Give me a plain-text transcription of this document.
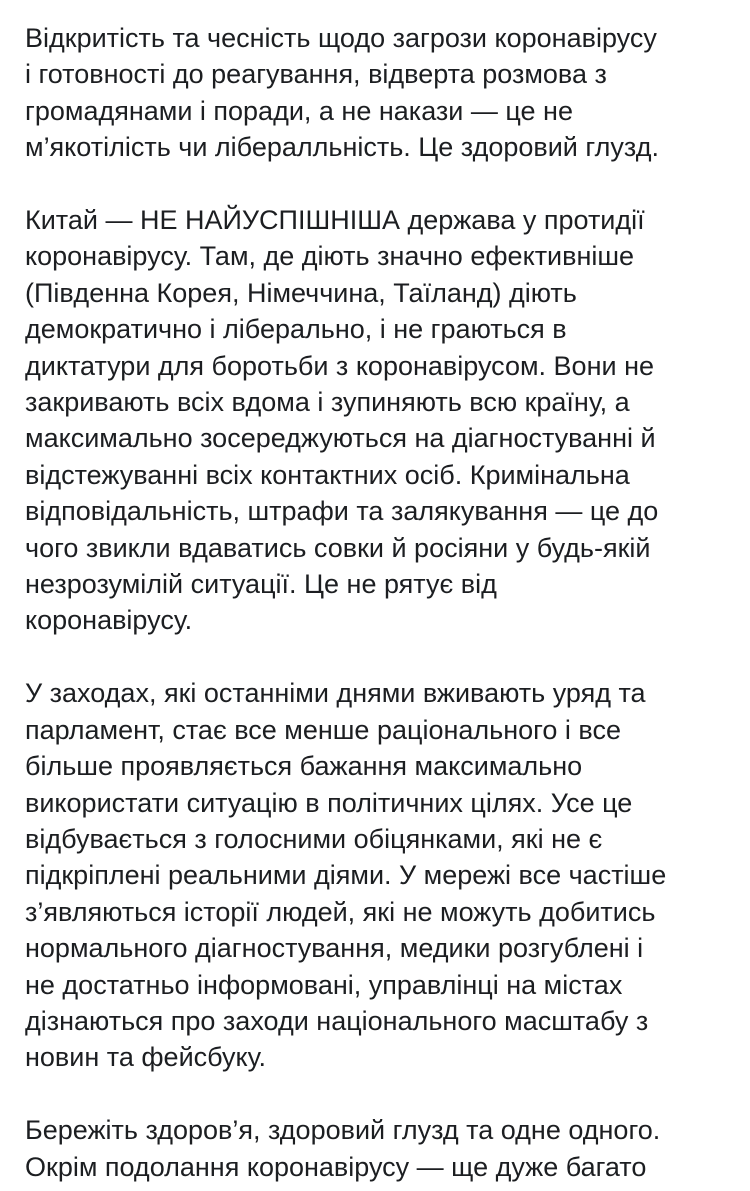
Відкритість та чесність щодо загрози коронавірусу
і готовності до реагування, відверта розмова з
громадянами і поради, а не накази — це не
м’якотілість чи лібералльність. Це здоровий глузд.
Китай — НЕ НАЙУСПІШНІША держава у протидії
коронавірусу. Там, де діють значно ефективніше
(Південна Корея, Німеччина, Таїланд) діють
демократично і ліберально, і не граються в
диктатури для боротьби з коронавірусом. Вони не
закривають всіх вдома і зупиняють всю країну, а
максимально зосереджуються на діагностуванні й
відстежуванні всіх контактних осіб. Кримінальна
відповідальність, штрафи та залякування — це до
чого звикли вдаватись совки й росіяни у будь-якій
незрозумілій ситуації. Це не рятує від
коронавірусу.
У заходах, які останніми днями вживають уряд та
парламент, стає все менше раціонального і все
більше проявляється бажання максимально
використати ситуацію в політичних цілях. Усе це
відбувається з голосними обіцянками, які не є
підкріплені реальними діями. У мережі все частіше
з’являються історії людей, які не можуть добитись
нормального діагностування, медики розгублені і
не достатньо інформовані, управлінці на містах
дізнаються про заходи національного масштабу з
новин та фейсбуку.
Бережіть здоров’я, здоровий глузд та одне одного.
Окрім подолання коронавірусу — ще дуже багато
